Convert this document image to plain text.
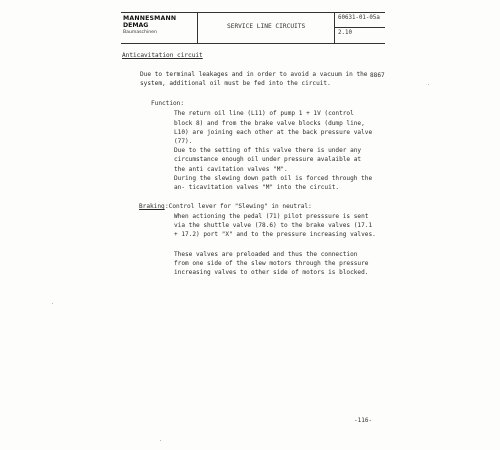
MANNESMANN
DEMAG
Baumaschinen
SERVICE LINE CIRCUITS
60631-01-05a
2.10
Anticavitation circuit
Due to terminal leakages and in order to avoid a vacuum in the
system, additional oil must be fed into the circuit.
8867
Function:
The return oil line (L11) of pump 1 + 1V (control
block 8) and from the brake valve blocks (dump line,
L10) are joining each other at the back pressure valve
(77).
Due to the setting of this valve there is under any
circumstance enough oil under pressure avalaible at
the anti cavitation valves "M".
During the slewing down path oil is forced through the
an- ticavitation valves "M" into the circuit.
Braking :Control lever for "Slewing" in neutral:
When actioning the pedal (71) pilot presssure is sent
via the shuttle valve (78.6) to the brake valves (17.1
+ 17.2) port "X" and to the pressure increasing valves.
These valves are preloaded and thus the connection
from one side of the slew motors through the pressure
increasing valves to other side of motors is blocked.
-116-
